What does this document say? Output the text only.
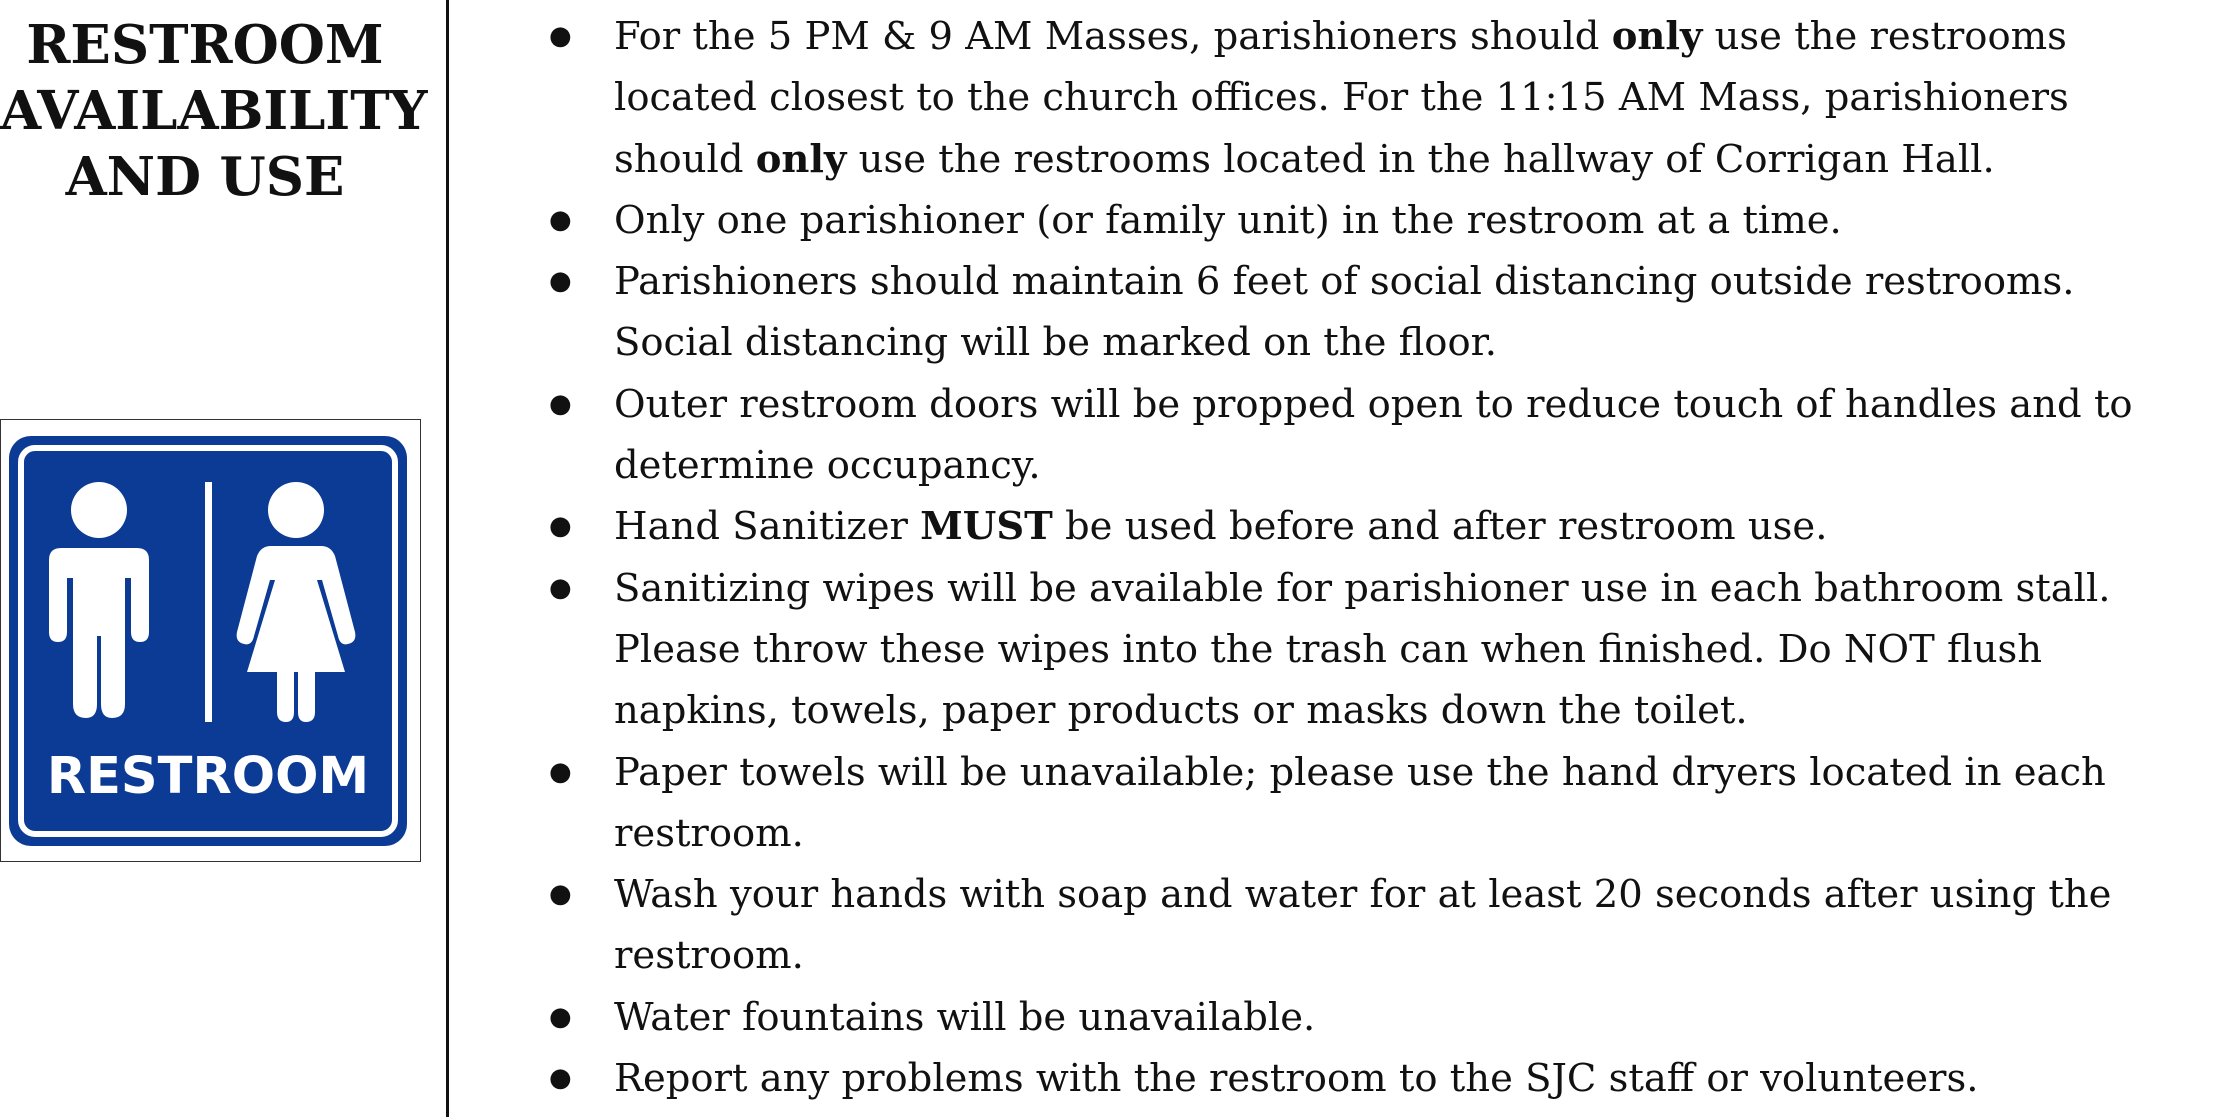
RESTROOM
AVAILABILITY
AND USE
RESTROOM
● For the 5 PM & 9 AM Masses, parishioners should only use the restrooms
located closest to the church offices. For the 11:15 AM Mass, parishioners
should only use the restrooms located in the hallway of Corrigan Hall.
● Only one parishioner (or family unit) in the restroom at a time.
● Parishioners should maintain 6 feet of social distancing outside restrooms.
Social distancing will be marked on the floor.
● Outer restroom doors will be propped open to reduce touch of handles and to
determine occupancy.
● Hand Sanitizer MUST be used before and after restroom use.
● Sanitizing wipes will be available for parishioner use in each bathroom stall.
Please throw these wipes into the trash can when finished. Do NOT flush
napkins, towels, paper products or masks down the toilet.
● Paper towels will be unavailable; please use the hand dryers located in each
restroom.
● Wash your hands with soap and water for at least 20 seconds after using the
restroom.
● Water fountains will be unavailable.
● Report any problems with the restroom to the SJC staff or volunteers.
